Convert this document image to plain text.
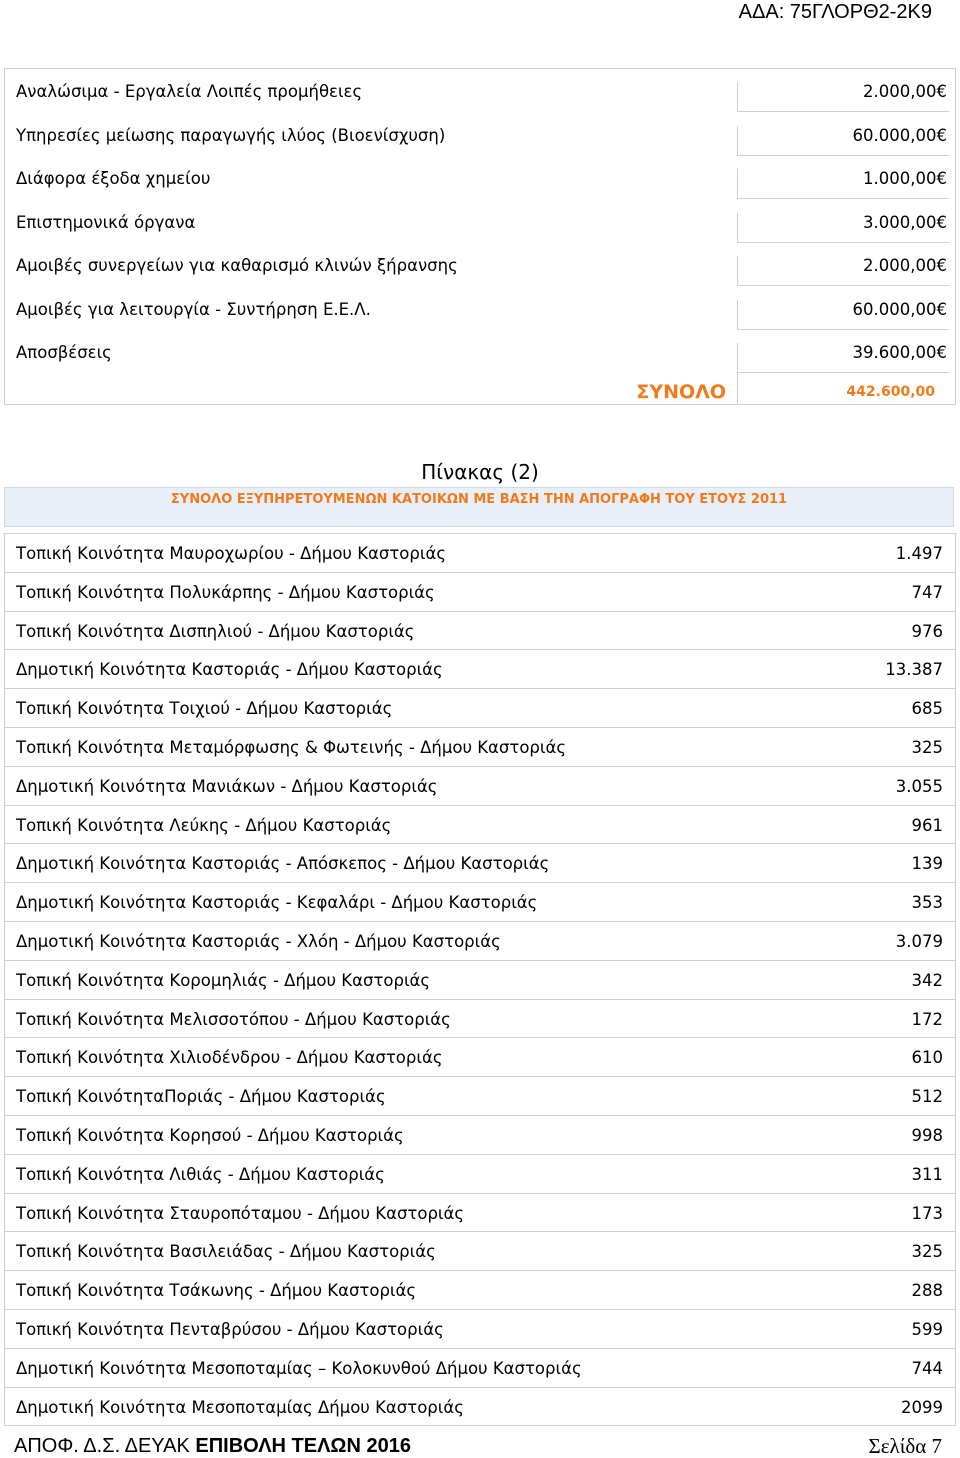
ΑΔΑ: 75ΓΛΟΡΘ2-2Κ9
Αναλώσιμα - Εργαλεία Λοιπές προμήθειες	2.000,00€
Υπηρεσίες μείωσης παραγωγής ιλύος (Βιοενίσχυση)	60.000,00€
Διάφορα έξοδα χημείου	1.000,00€
Επιστημονικά όργανα	3.000,00€
Αμοιβές συνεργείων για καθαρισμό κλινών ξήρανσης	2.000,00€
Αμοιβές για λειτουργία - Συντήρηση Ε.Ε.Λ.	60.000,00€
Αποσβέσεις	39.600,00€
ΣΥΝΟΛΟ	442.600,00
Πίνακας (2)
ΣΥΝΟΛΟ ΕΞΥΠΗΡΕΤΟΥΜΕΝΩΝ ΚΑΤΟΙΚΩΝ ΜΕ ΒΑΣΗ ΤΗΝ ΑΠΟΓΡΑΦΗ ΤΟΥ ΕΤΟΥΣ 2011
Τοπική Κοινότητα Μαυροχωρίου - Δήμου Καστοριάς	1.497
Τοπική Κοινότητα Πολυκάρπης - Δήμου Καστοριάς	747
Τοπική Κοινότητα Δισπηλιού - Δήμου Καστοριάς	976
Δημοτική Κοινότητα Καστοριάς - Δήμου Καστοριάς	13.387
Τοπική Κοινότητα Τοιχιού - Δήμου Καστοριάς	685
Τοπική Κοινότητα Μεταμόρφωσης & Φωτεινής - Δήμου Καστοριάς	325
Δημοτική Κοινότητα Μανιάκων - Δήμου Καστοριάς	3.055
Τοπική Κοινότητα Λεύκης - Δήμου Καστοριάς	961
Δημοτική Κοινότητα Καστοριάς - Απόσκεπος - Δήμου Καστοριάς	139
Δημοτική Κοινότητα Καστοριάς - Κεφαλάρι - Δήμου Καστοριάς	353
Δημοτική Κοινότητα Καστοριάς - Χλόη - Δήμου Καστοριάς	3.079
Τοπική Κοινότητα Κορομηλιάς - Δήμου Καστοριάς	342
Τοπική Κοινότητα Μελισσοτόπου - Δήμου Καστοριάς	172
Τοπική Κοινότητα Χιλιοδένδρου - Δήμου Καστοριάς	610
Τοπική ΚοινότηταΠοριάς - Δήμου Καστοριάς	512
Τοπική Κοινότητα Κορησού - Δήμου Καστοριάς	998
Τοπική Κοινότητα Λιθιάς - Δήμου Καστοριάς	311
Τοπική Κοινότητα Σταυροπόταμου - Δήμου Καστοριάς	173
Τοπική Κοινότητα Βασιλειάδας - Δήμου Καστοριάς	325
Τοπική Κοινότητα Τσάκωνης - Δήμου Καστοριάς	288
Τοπική Κοινότητα Πενταβρύσου - Δήμου Καστοριάς	599
Δημοτική Κοινότητα Μεσοποταμίας – Κολοκυνθού Δήμου Καστοριάς	744
Δημοτική Κοινότητα Μεσοποταμίας Δήμου Καστοριάς	2099
ΑΠΟΦ. Δ.Σ. ΔΕΥΑΚ ΕΠΙΒΟΛΗ ΤΕΛΩΝ 2016	Σελίδα 7
